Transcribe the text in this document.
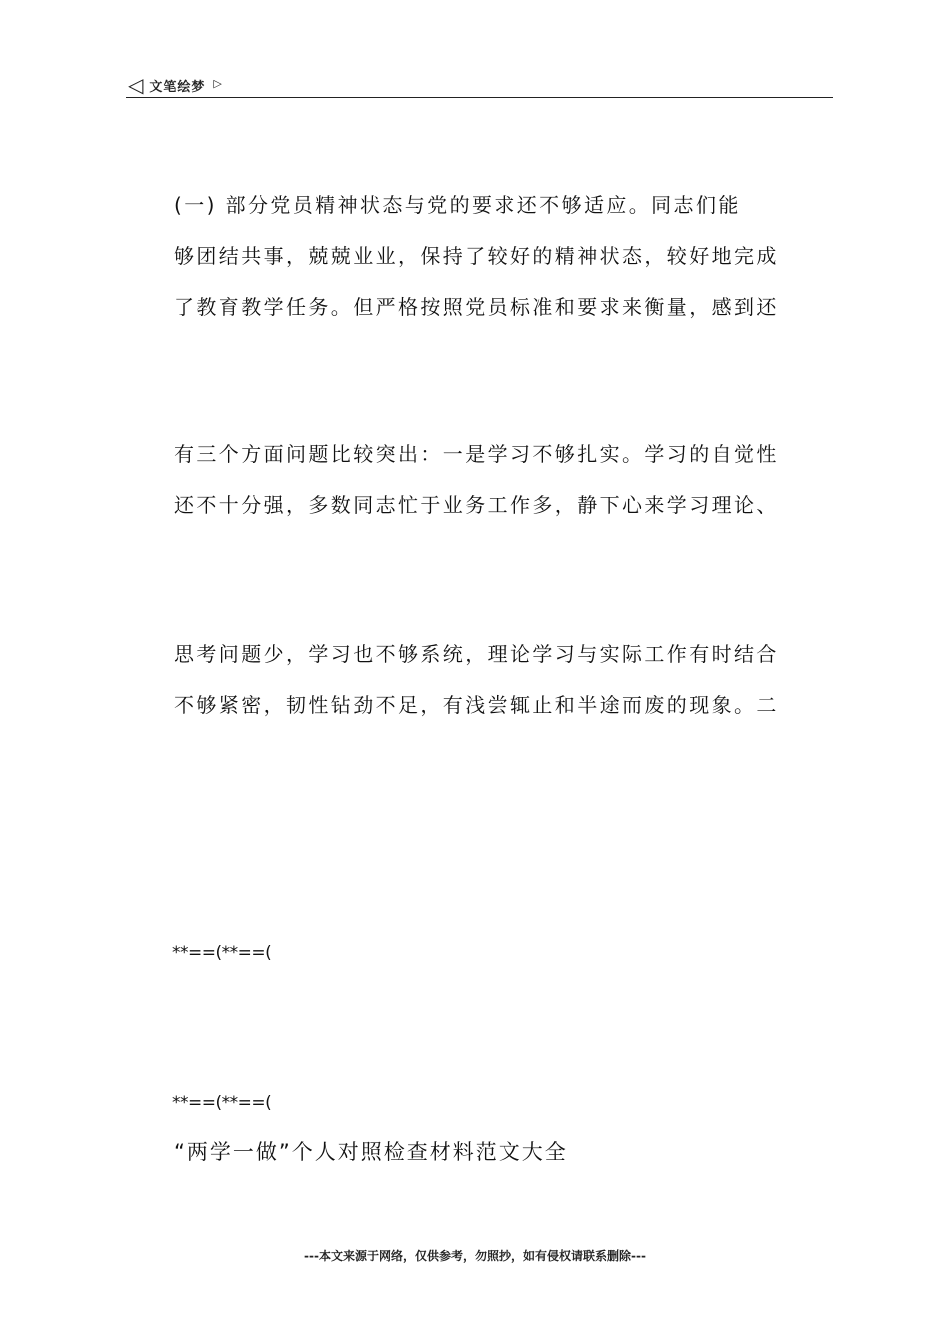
◁ 文笔绘梦 ▷
(一) 部分党员精神状态与党的要求还不够适应。同志们能
够团结共事，兢兢业业，保持了较好的精神状态，较好地完成
了教育教学任务。但严格按照党员标准和要求来衡量，感到还
有三个方面问题比较突出：一是学习不够扎实。学习的自觉性
还不十分强，多数同志忙于业务工作多，静下心来学习理论、
思考问题少，学习也不够系统，理论学习与实际工作有时结合
不够紧密，韧性钻劲不足，有浅尝辄止和半途而废的现象。二
**==(**==(
**==(**==(
“两学一做”个人对照检查材料范文大全
---本文来源于网络，仅供参考，勿照抄，如有侵权请联系删除---
